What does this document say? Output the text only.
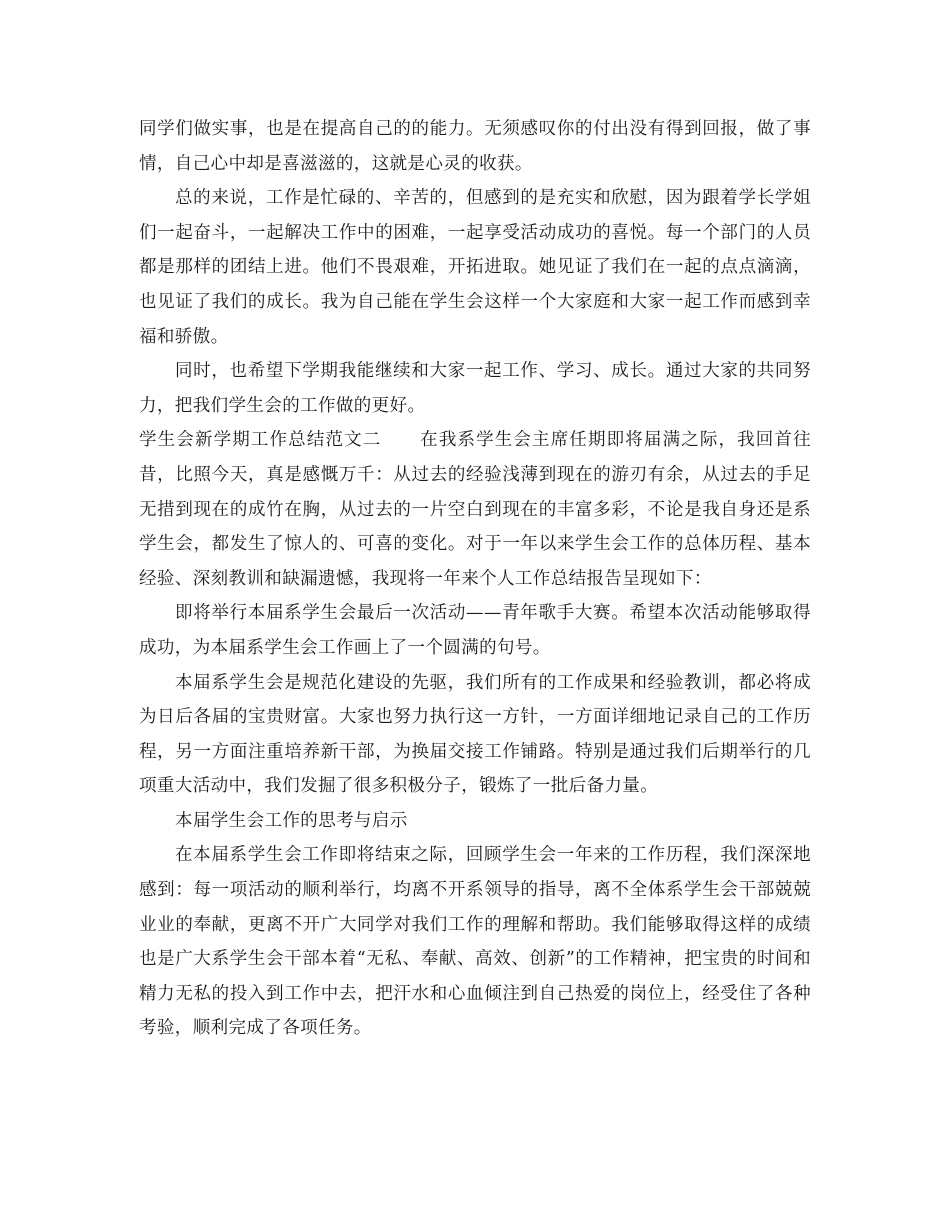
同学们做实事，也是在提高自己的的能力。无须感叹你的付出没有得到回报，做了事情，自己心中却是喜滋滋的，这就是心灵的收获。

总的来说，工作是忙碌的、辛苦的，但感到的是充实和欣慰，因为跟着学长学姐们一起奋斗，一起解决工作中的困难，一起享受活动成功的喜悦。每一个部门的人员都是那样的团结上进。他们不畏艰难，开拓进取。她见证了我们在一起的点点滴滴，也见证了我们的成长。我为自己能在学生会这样一个大家庭和大家一起工作而感到幸福和骄傲。

同时，也希望下学期我能继续和大家一起工作、学习、成长。通过大家的共同努力，把我们学生会的工作做的更好。

学生会新学期工作总结范文二 在我系学生会主席任期即将届满之际，我回首往昔，比照今天，真是感慨万千：从过去的经验浅薄到现在的游刃有余，从过去的手足无措到现在的成竹在胸，从过去的一片空白到现在的丰富多彩，不论是我自身还是系学生会，都发生了惊人的、可喜的变化。对于一年以来学生会工作的总体历程、基本经验、深刻教训和缺漏遗憾，我现将一年来个人工作总结报告呈现如下：

即将举行本届系学生会最后一次活动——青年歌手大赛。希望本次活动能够取得成功，为本届系学生会工作画上了一个圆满的句号。

本届系学生会是规范化建设的先驱，我们所有的工作成果和经验教训，都必将成为日后各届的宝贵财富。大家也努力执行这一方针，一方面详细地记录自己的工作历程，另一方面注重培养新干部，为换届交接工作铺路。特别是通过我们后期举行的几项重大活动中，我们发掘了很多积极分子，锻炼了一批后备力量。

本届学生会工作的思考与启示

在本届系学生会工作即将结束之际，回顾学生会一年来的工作历程，我们深深地感到：每一项活动的顺利举行，均离不开系领导的指导，离不全体系学生会干部兢兢业业的奉献，更离不开广大同学对我们工作的理解和帮助。我们能够取得这样的成绩也是广大系学生会干部本着“无私、奉献、高效、创新”的工作精神，把宝贵的时间和精力无私的投入到工作中去，把汗水和心血倾注到自己热爱的岗位上，经受住了各种考验，顺利完成了各项任务。
